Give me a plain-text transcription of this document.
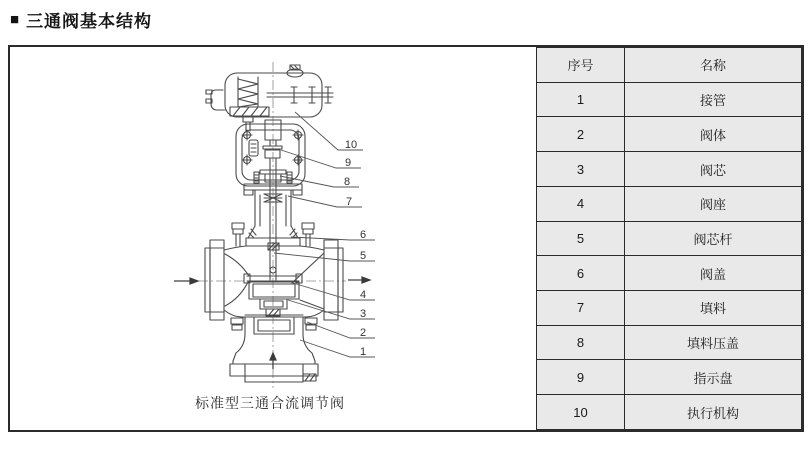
■ 三通阀基本结构
10
9
8
7
6
5
4
3
2
1
标准型三通合流调节阀
序号	名称
1	接管
2	阀体
3	阀芯
4	阀座
5	阀芯杆
6	阀盖
7	填料
8	填料压盖
9	指示盘
10	执行机构
